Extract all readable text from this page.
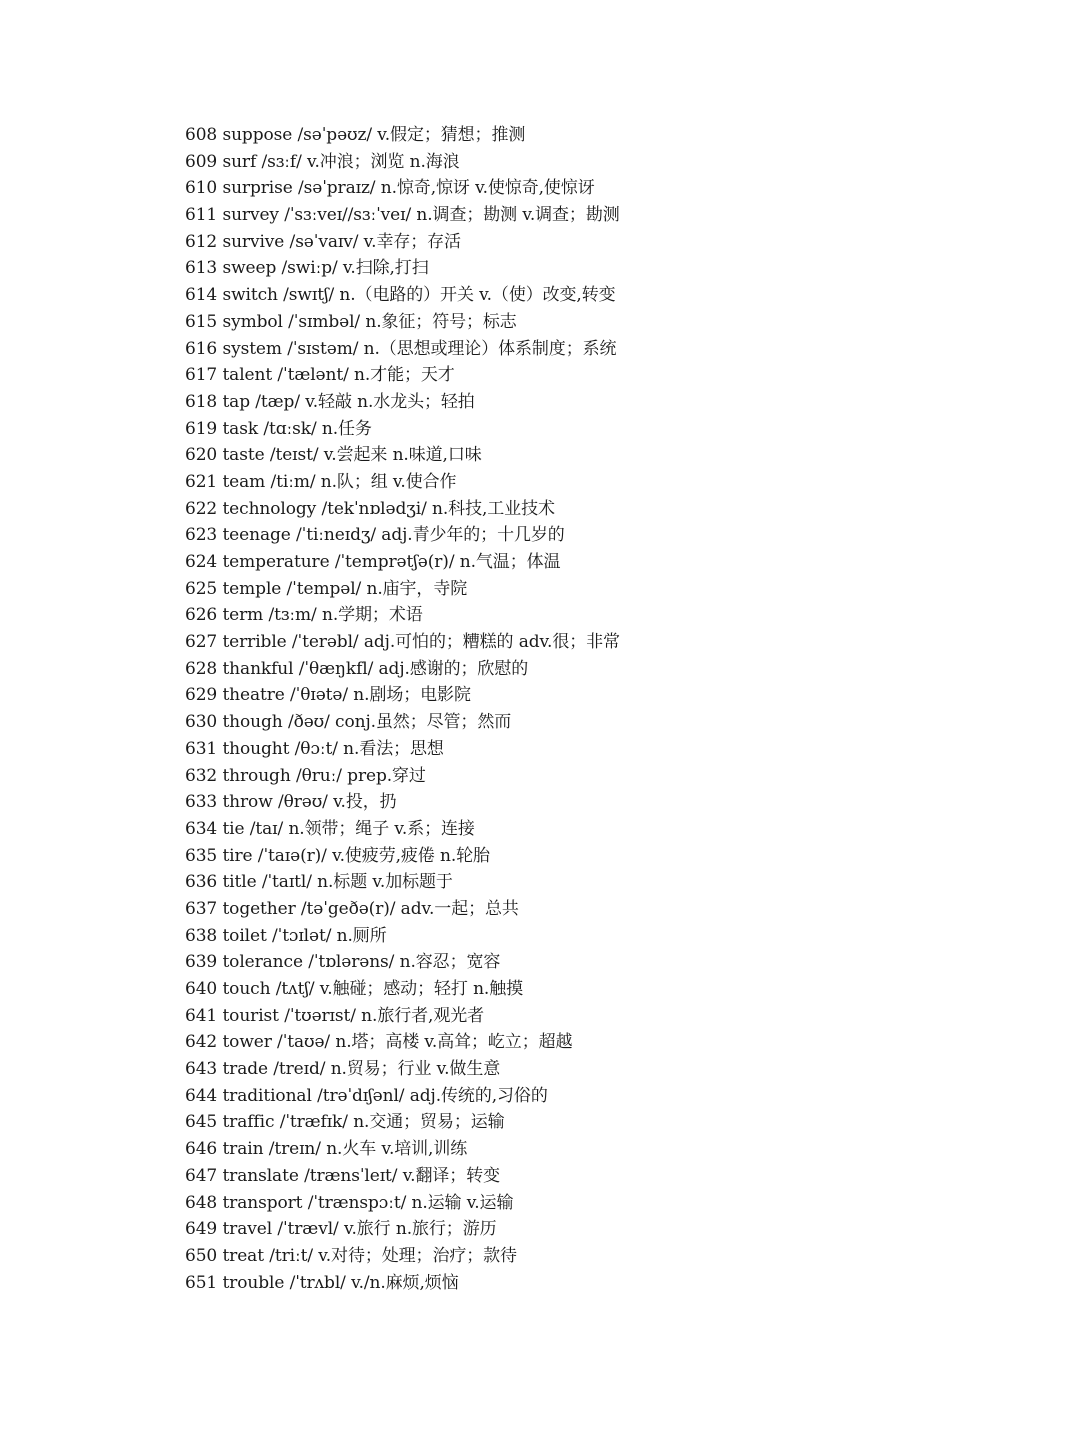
608 suppose /səˈpəʊz/ v.假定；猜想；推测
609 surf /sɜːf/ v.冲浪；浏览 n.海浪
610 surprise /səˈpraɪz/ n.惊奇,惊讶 v.使惊奇,使惊讶
611 survey /ˈsɜːveɪ//sɜːˈveɪ/ n.调查；勘测 v.调查；勘测
612 survive /səˈvaɪv/ v.幸存；存活
613 sweep /swiːp/ v.扫除,打扫
614 switch /swɪtʃ/ n.（电路的）开关 v.（使）改变,转变
615 symbol /ˈsɪmbəl/ n.象征；符号；标志
616 system /ˈsɪstəm/ n.（思想或理论）体系制度；系统
617 talent /ˈtælənt/ n.才能；天才
618 tap /tæp/ v.轻敲 n.水龙头；轻拍
619 task /tɑːsk/ n.任务
620 taste /teɪst/ v.尝起来 n.味道,口味
621 team /tiːm/ n.队；组 v.使合作
622 technology /tekˈnɒlədʒi/ n.科技,工业技术
623 teenage /ˈtiːneɪdʒ/ adj.青少年的；十几岁的
624 temperature /ˈtemprətʃə(r)/ n.气温；体温
625 temple /ˈtempəl/ n.庙宇，寺院
626 term /tɜːm/ n.学期；术语
627 terrible /ˈterəbl/ adj.可怕的；糟糕的 adv.很；非常
628 thankful /ˈθæŋkfl/ adj.感谢的；欣慰的
629 theatre /ˈθɪətə/ n.剧场；电影院
630 though /ðəʊ/ conj.虽然；尽管；然而
631 thought /θɔːt/ n.看法；思想
632 through /θruː/ prep.穿过
633 throw /θrəʊ/ v.投，扔
634 tie /taɪ/ n.领带；绳子 v.系；连接
635 tire /ˈtaɪə(r)/ v.使疲劳,疲倦 n.轮胎
636 title /ˈtaɪtl/ n.标题 v.加标题于
637 together /təˈgeðə(r)/ adv.一起；总共
638 toilet /ˈtɔɪlət/ n.厕所
639 tolerance /ˈtɒlərəns/ n.容忍；宽容
640 touch /tʌtʃ/ v.触碰；感动；轻打 n.触摸
641 tourist /ˈtʊərɪst/ n.旅行者,观光者
642 tower /ˈtaʊə/ n.塔；高楼 v.高耸；屹立；超越
643 trade /treɪd/ n.贸易；行业 v.做生意
644 traditional /trəˈdɪʃənl/ adj.传统的,习俗的
645 traffic /ˈtræfɪk/ n.交通；贸易；运输
646 train /treɪn/ n.火车 v.培训,训练
647 translate /trænsˈleɪt/ v.翻译；转变
648 transport /ˈtrænspɔːt/ n.运输 v.运输
649 travel /ˈtrævl/ v.旅行 n.旅行；游历
650 treat /triːt/ v.对待；处理；治疗；款待
651 trouble /ˈtrʌbl/ v./n.麻烦,烦恼
